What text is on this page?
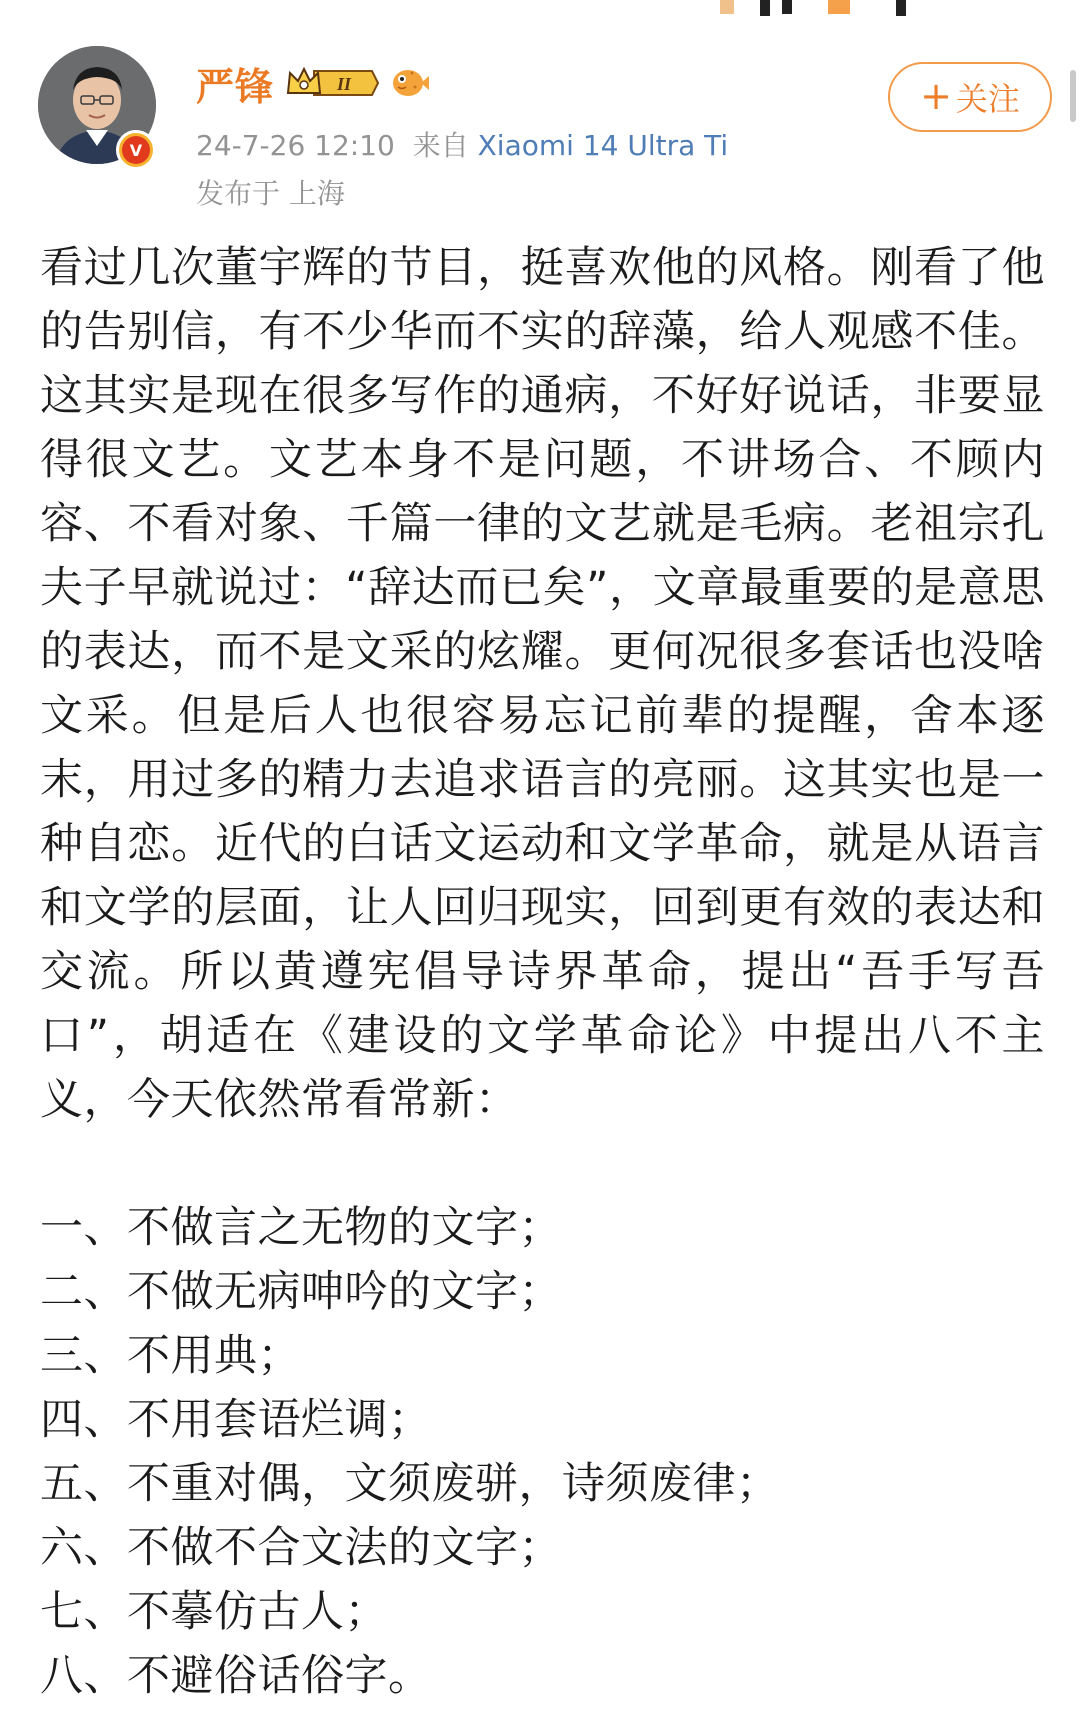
V
严锋	II
24-7-26 12:10 来自 Xiaomi 14 Ultra Ti
发布于 上海
+ 关注

看过几次董宇辉的节目，挺喜欢他的风格。刚看了他的告别信，有不少华而不实的辞藻，给人观感不佳。这其实是现在很多写作的通病，不好好说话，非要显得很文艺。文艺本身不是问题，不讲场合、不顾内容、不看对象、千篇一律的文艺就是毛病。老祖宗孔夫子早就说过：“辞达而已矣”，文章最重要的是意思的表达，而不是文采的炫耀。更何况很多套话也没啥文采。但是后人也很容易忘记前辈的提醒，舍本逐末，用过多的精力去追求语言的亮丽。这其实也是一种自恋。近代的白话文运动和文学革命，就是从语言和文学的层面，让人回归现实，回到更有效的表达和交流。所以黄遵宪倡导诗界革命，提出“吾手写吾口”，胡适在《建设的文学革命论》中提出八不主义，今天依然常看常新：

一、不做言之无物的文字；

二、不做无病呻吟的文字；

三、不用典；

四、不用套语烂调；

五、不重对偶，文须废骈，诗须废律；

六、不做不合文法的文字；

七、不摹仿古人；

八、不避俗话俗字。
